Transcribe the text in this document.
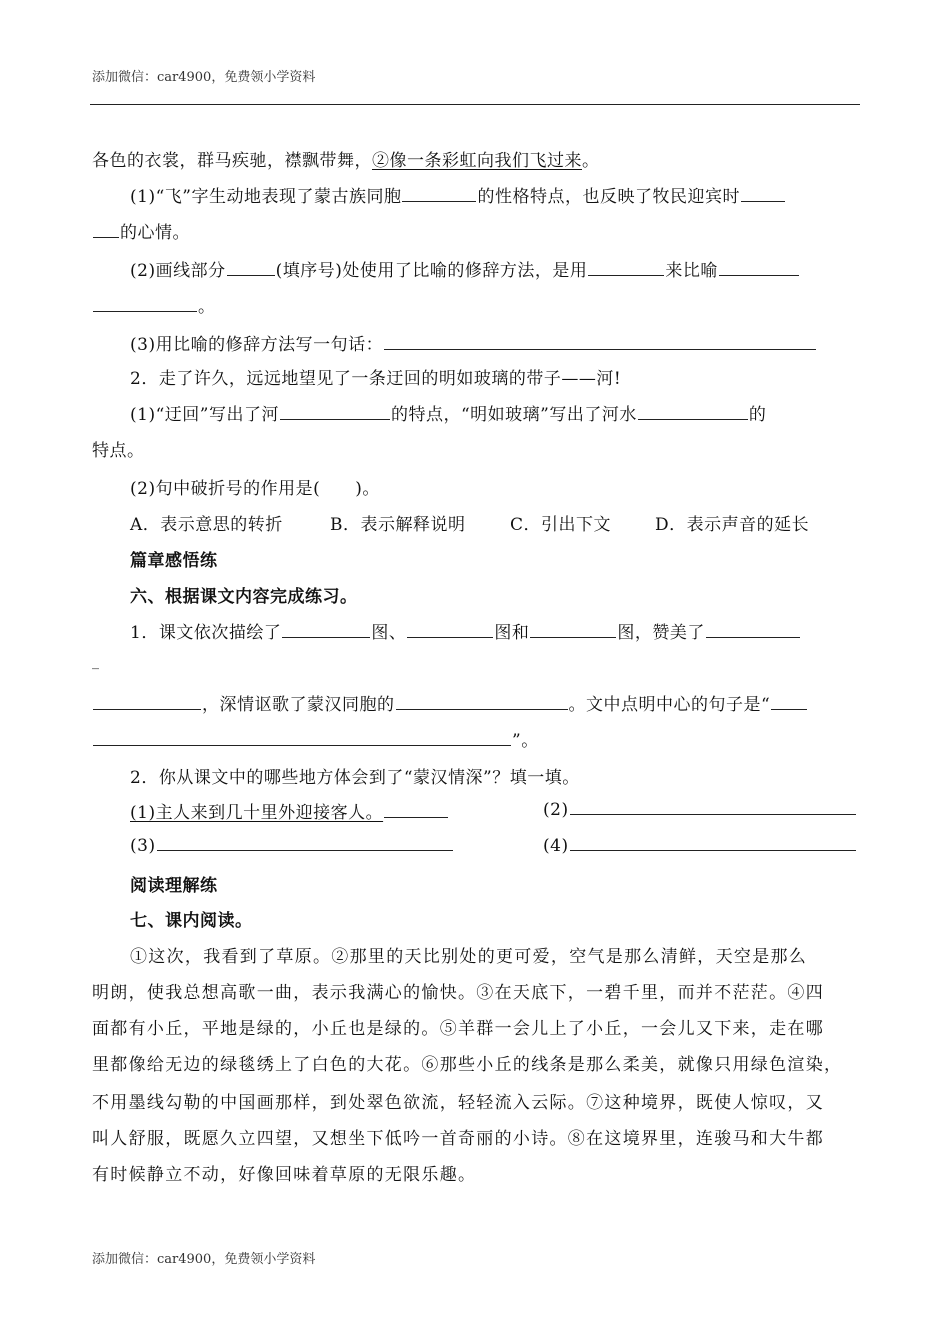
添加微信：car4900，免费领小学资料
各色的衣裳，群马疾驰，襟飘带舞，②像一条彩虹向我们飞过来。
(1)“飞”字生动地表现了蒙古族同胞	的性格特点，也反映了牧民迎宾时
的心情。
(2)画线部分	(填序号)处使用了比喻的修辞方法，是用	来比喻
。
(3)用比喻的修辞方法写一句话：
2．走了许久，远远地望见了一条迂回的明如玻璃的带子——河!
(1)“迂回”写出了河	的特点，“明如玻璃”写出了河水	的
特点。
(2)句中破折号的作用是(　　)。
A．表示意思的转折	B．表示解释说明	C．引出下文	D．表示声音的延长
篇章感悟练
六、根据课文内容完成练习。
1．课文依次描绘了	图、	图和	图，赞美了
_
，深情讴歌了蒙汉同胞的	。文中点明中心的句子是“
”。
2．你从课文中的哪些地方体会到了“蒙汉情深”？填一填。
(1)主人来到几十里外迎接客人。	(2)
(3)	(4)
阅读理解练
七、课内阅读。
①这次，我看到了草原。②那里的天比别处的更可爱，空气是那么清鲜，天空是那么
明朗，使我总想高歌一曲，表示我满心的愉快。③在天底下，一碧千里，而并不茫茫。④四
面都有小丘，平地是绿的，小丘也是绿的。⑤羊群一会儿上了小丘，一会儿又下来，走在哪
里都像给无边的绿毯绣上了白色的大花。⑥那些小丘的线条是那么柔美，就像只用绿色渲染，
不用墨线勾勒的中国画那样，到处翠色欲流，轻轻流入云际。⑦这种境界，既使人惊叹，又
叫人舒服，既愿久立四望，又想坐下低吟一首奇丽的小诗。⑧在这境界里，连骏马和大牛都
有时候静立不动，好像回味着草原的无限乐趣。
添加微信：car4900，免费领小学资料
